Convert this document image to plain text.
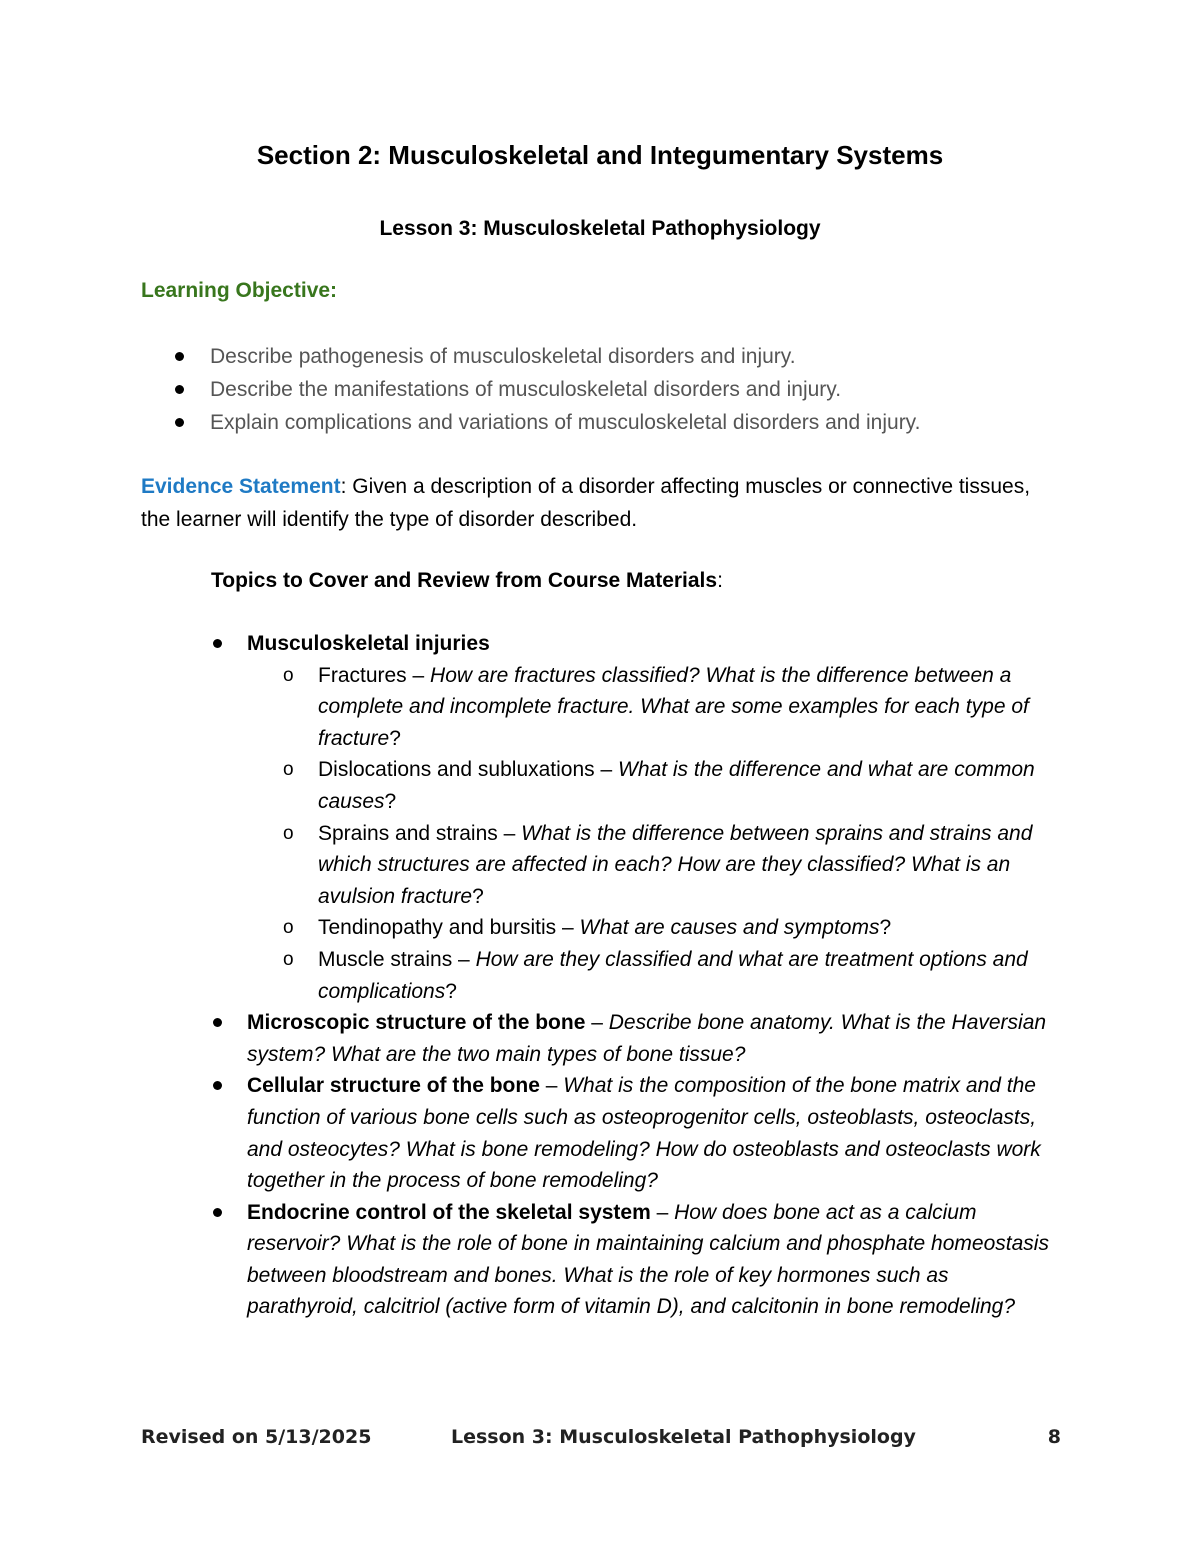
Section 2: Musculoskeletal and Integumentary Systems
Lesson 3: Musculoskeletal Pathophysiology
Learning Objective:
Describe pathogenesis of musculoskeletal disorders and injury.
Describe the manifestations of musculoskeletal disorders and injury.
Explain complications and variations of musculoskeletal disorders and injury.
Evidence Statement: Given a description of a disorder affecting muscles or connective tissues, the learner will identify the type of disorder described.
Topics to Cover and Review from Course Materials:
Musculoskeletal injuries
o Fractures – How are fractures classified? What is the difference between a complete and incomplete fracture. What are some examples for each type of fracture?
o Dislocations and subluxations – What is the difference and what are common causes?
o Sprains and strains – What is the difference between sprains and strains and which structures are affected in each? How are they classified? What is an avulsion fracture?
o Tendinopathy and bursitis – What are causes and symptoms?
o Muscle strains – How are they classified and what are treatment options and complications?
Microscopic structure of the bone – Describe bone anatomy. What is the Haversian system? What are the two main types of bone tissue?
Cellular structure of the bone – What is the composition of the bone matrix and the function of various bone cells such as osteoprogenitor cells, osteoblasts, osteoclasts, and osteocytes? What is bone remodeling? How do osteoblasts and osteoclasts work together in the process of bone remodeling?
Endocrine control of the skeletal system – How does bone act as a calcium reservoir? What is the role of bone in maintaining calcium and phosphate homeostasis between bloodstream and bones. What is the role of key hormones such as parathyroid, calcitriol (active form of vitamin D), and calcitonin in bone remodeling?
Revised on 5/13/2025	Lesson 3: Musculoskeletal Pathophysiology	8
